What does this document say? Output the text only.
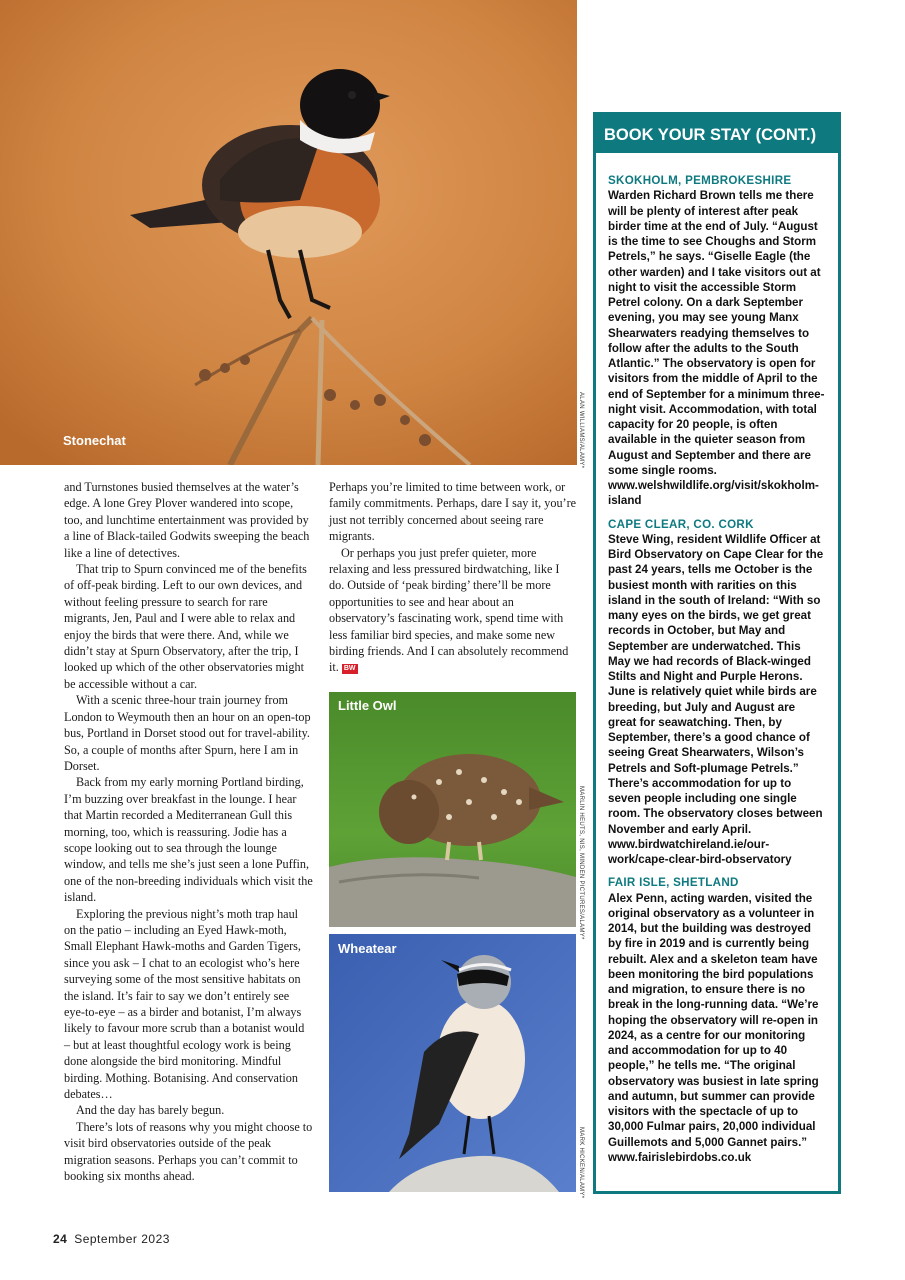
Stonechat	ALAN WILLIAMS/ALAMY*

and Turnstones busied themselves at the water’s edge. A lone Grey Plover wandered into scope, too, and lunchtime entertainment was provided by a line of Black-tailed Godwits sweeping the beach like a line of detectives.

That trip to Spurn convinced me of the benefits of off-peak birding. Left to our own devices, and without feeling pressure to search for rare migrants, Jen, Paul and I were able to relax and enjoy the birds that were there. And, while we didn’t stay at Spurn Observatory, after the trip, I looked up which of the other observatories might be accessible without a car.

With a scenic three-hour train journey from London to Weymouth then an hour on an open-top bus, Portland in Dorset stood out for travel-ability. So, a couple of months after Spurn, here I am in Dorset.

Back from my early morning Portland birding, I’m buzzing over breakfast in the lounge. I hear that Martin recorded a Mediterranean Gull this morning, too, which is reassuring. Jodie has a scope looking out to sea through the lounge window, and tells me she’s just seen a lone Puffin, one of the non-breeding individuals which visit the island.

Exploring the previous night’s moth trap haul on the patio – including an Eyed Hawk-moth, Small Elephant Hawk-moths and Garden Tigers, since you ask – I chat to an ecologist who’s here surveying some of the most sensitive habitats on the island. It’s fair to say we don’t entirely see eye-to-eye – as a birder and botanist, I’m always likely to favour more scrub than a botanist would – but at least thoughtful ecology work is being done alongside the bird monitoring. Mindful birding. Mothing. Botanising. And conservation debates…

And the day has barely begun.

There’s lots of reasons why you might choose to visit bird observatories outside of the peak migration seasons. Perhaps you can’t commit to booking six months ahead.

Perhaps you’re limited to time between work, or family commitments. Perhaps, dare I say it, you’re just not terribly concerned about seeing rare migrants.

Or perhaps you just prefer quieter, more relaxing and less pressured birdwatching, like I do. Outside of ‘peak birding’ there’ll be more opportunities to see and hear about an observatory’s fascinating work, spend time with less familiar bird species, and make some new birding friends. And I can absolutely recommend it. BW

Little Owl
MARLIN HEUTS, NIS, MINDEN PICTURES/ALAMY*
Wheatear
MARK HICKEN/ALAMY*
BOOK YOUR STAY (CONT.)
SKOKHOLM, PEMBROKESHIRE
Warden Richard Brown tells me there will be plenty of interest after peak birder time at the end of July. “August is the time to see Choughs and Storm Petrels,” he says. “Giselle Eagle (the other warden) and I take visitors out at night to visit the accessible Storm Petrel colony. On a dark September evening, you may see young Manx Shearwaters readying themselves to follow after the adults to the South Atlantic.” The observatory is open for visitors from the middle of April to the end of September for a minimum three-night visit. Accommodation, with total capacity for 20 people, is often available in the quieter season from August and September and there are some single rooms.
www.welshwildlife.org/visit/skokholm-island
CAPE CLEAR, CO. CORK
Steve Wing, resident Wildlife Officer at Bird Observatory on Cape Clear for the past 24 years, tells me October is the busiest month with rarities on this island in the south of Ireland: “With so many eyes on the birds, we get great records in October, but May and September are underwatched. This May we had records of Black-winged Stilts and Night and Purple Herons. June is relatively quiet while birds are breeding, but July and August are great for seawatching. Then, by September, there’s a good chance of seeing Great Shearwaters, Wilson’s Petrels and Soft-plumage Petrels.” There’s accommodation for up to seven people including one single room. The observatory closes between November and early April.
www.birdwatchireland.ie/our-work/cape-clear-bird-observatory
FAIR ISLE, SHETLAND
Alex Penn, acting warden, visited the original observatory as a volunteer in 2014, but the building was destroyed by fire in 2019 and is currently being rebuilt. Alex and a skeleton team have been monitoring the bird populations and migration, to ensure there is no break in the long-running data. “We’re hoping the observatory will re-open in 2024, as a centre for our monitoring and accommodation for up to 40 people,” he tells me. “The original observatory was busiest in late spring and autumn, but summer can provide visitors with the spectacle of up to 30,000 Fulmar pairs, 20,000 individual Guillemots and 5,000 Gannet pairs.”
www.fairislebirdobs.co.uk
24 September 2023
